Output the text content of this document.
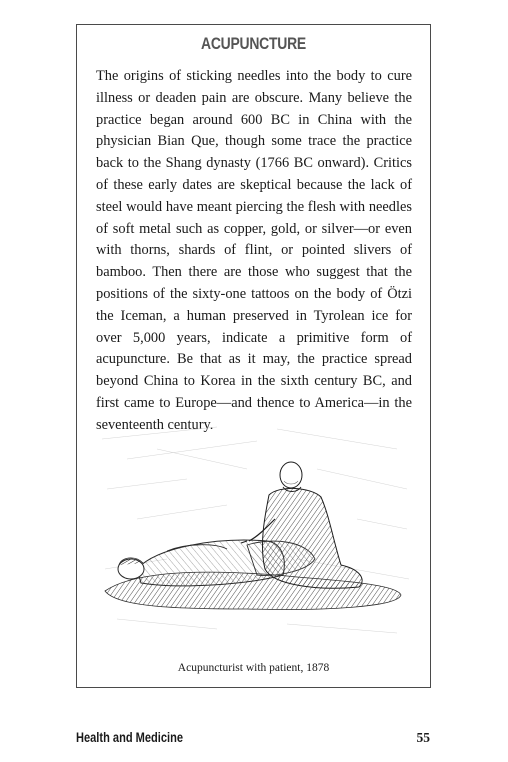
ACUPUNCTURE

The origins of sticking needles into the body to cure illness or deaden pain are obscure. Many believe the practice began around 600 BC in China with the physician Bian Que, though some trace the practice back to the Shang dynasty (1766 BC onward). Critics of these early dates are skeptical because the lack of steel would have meant piercing the flesh with needles of soft metal such as copper, gold, or silver—or even with thorns, shards of flint, or pointed slivers of bamboo. Then there are those who suggest that the positions of the sixty-one tattoos on the body of Ötzi the Iceman, a human preserved in Tyrolean ice for over 5,000 years, indicate a primitive form of acupuncture. Be that as it may, the practice spread beyond China to Korea in the sixth century BC, and first came to Europe—and thence to America—in the seventeenth century.

Acupuncturist with patient, 1878
Health and Medicine	55
